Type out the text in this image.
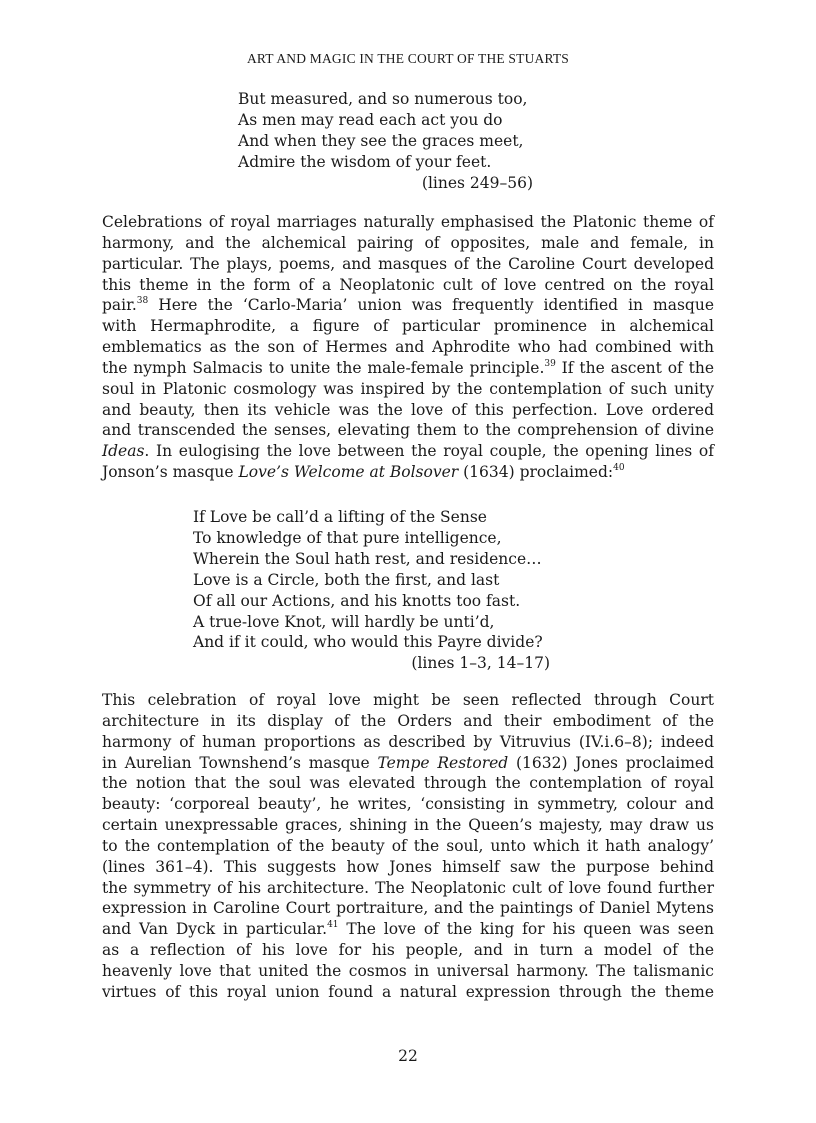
ART AND MAGIC IN THE COURT OF THE STUARTS
But measured, and so numerous too,
As men may read each act you do
And when they see the graces meet,
Admire the wisdom of your feet.
(lines 249–56)
Celebrations of royal marriages naturally emphasised the Platonic theme of
harmony, and the alchemical pairing of opposites, male and female, in
particular. The plays, poems, and masques of the Caroline Court developed
this theme in the form of a Neoplatonic cult of love centred on the royal
pair.$^{38}$ Here the ‘Carlo-Maria’ union was frequently identified in masque
with Hermaphrodite, a figure of particular prominence in alchemical
emblematics as the son of Hermes and Aphrodite who had combined with
the nymph Salmacis to unite the male-female principle.$^{39}$ If the ascent of the
soul in Platonic cosmology was inspired by the contemplation of such unity
and beauty, then its vehicle was the love of this perfection. Love ordered
and transcended the senses, elevating them to the comprehension of divine
Ideas. In eulogising the love between the royal couple, the opening lines of
Jonson’s masque Love’s Welcome at Bolsover (1634) proclaimed:$^{40}$
If Love be call’d a lifting of the Sense
To knowledge of that pure intelligence,
Wherein the Soul hath rest, and residence…
Love is a Circle, both the first, and last
Of all our Actions, and his knotts too fast.
A true-love Knot, will hardly be unti’d,
And if it could, who would this Payre divide?
(lines 1–3, 14–17)
This celebration of royal love might be seen reflected through Court
architecture in its display of the Orders and their embodiment of the
harmony of human proportions as described by Vitruvius (IV.i.6–8); indeed
in Aurelian Townshend’s masque Tempe Restored (1632) Jones proclaimed
the notion that the soul was elevated through the contemplation of royal
beauty: ‘corporeal beauty’, he writes, ‘consisting in symmetry, colour and
certain unexpressable graces, shining in the Queen’s majesty, may draw us
to the contemplation of the beauty of the soul, unto which it hath analogy’
(lines 361–4). This suggests how Jones himself saw the purpose behind
the symmetry of his architecture. The Neoplatonic cult of love found further
expression in Caroline Court portraiture, and the paintings of Daniel Mytens
and Van Dyck in particular.$^{41}$ The love of the king for his queen was seen
as a reflection of his love for his people, and in turn a model of the
heavenly love that united the cosmos in universal harmony. The talismanic
virtues of this royal union found a natural expression through the theme
22
